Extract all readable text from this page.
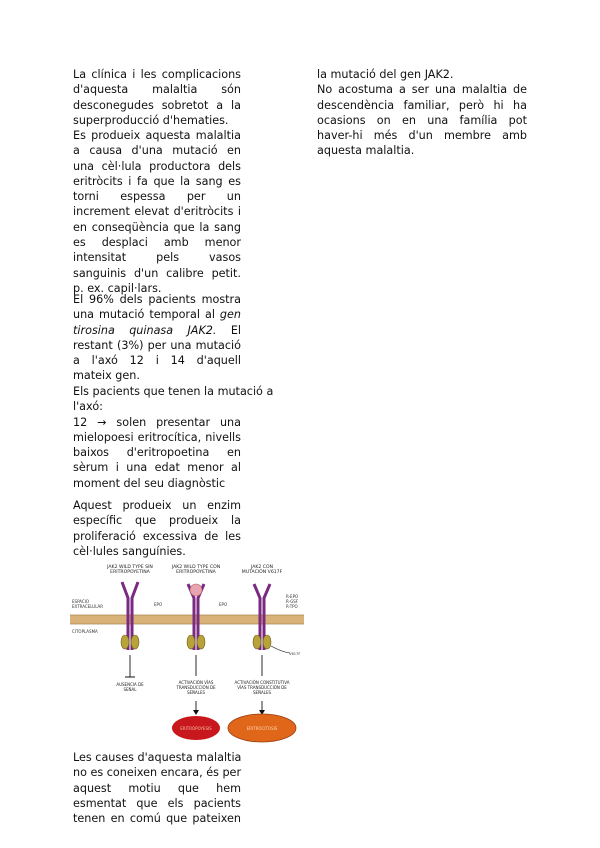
La clínica i les complicacions
d'aquesta malaltia són
desconegudes sobretot a la
superproducció d'hematies.
Es produeix aquesta malaltia
a causa d'una mutació en
una cèl·lula productora dels
eritròcits i fa que la sang es
torni espessa per un
increment elevat d'eritròcits i
en conseqüència que la sang
es desplaci amb menor
intensitat pels vasos
sanguinis d'un calibre petit.
p. ex. capil·lars.
El 96% dels pacients mostra
una mutació temporal al gen
tirosina quinasa JAK2. El
restant (3%) per una mutació
a l'axó 12 i 14 d'aquell
mateix gen.
Els pacients que tenen la mutació a
l'axó:
12 → solen presentar una
mielopoesi eritrocítica, nivells
baixos d'eritropoetina en
sèrum i una edat menor al
moment del seu diagnòstic
Aquest produeix un enzim
específic que produeix la
proliferació excessiva de les
cèl·lules sanguínies.
JAK2 WILD TYPE SIN ERITROPOYETINA
JAK2 WILD TYPE CON ERITROPOYETINA
JAK2 CON MUTACIÓN V617F
ESPACIO EXTRACELULAR
CITOPLASMA
EPO	EPO
R-EPO R-GSF R-TPO
V617F
AUSENCIA DE SEÑAL
ACTIVACIÓN VÍAS TRANSDUCCIÓN DE SEÑALES
ACTIVACIÓN CONSTITUTIVA VÍAS TRANSDUCCIÓN DE SEÑALES
ERITROPOYESIS	ERITROCITOSIS
Les causes d'aquesta malaltia
no es coneixen encara, és per
aquest motiu que hem
esmentat que els pacients
tenen en comú que pateixen
la mutació del gen JAK2.
No acostuma a ser una malaltia de
descendència familiar, però hi ha
ocasions on en una família pot
haver-hi més d'un membre amb
aquesta malaltia.
